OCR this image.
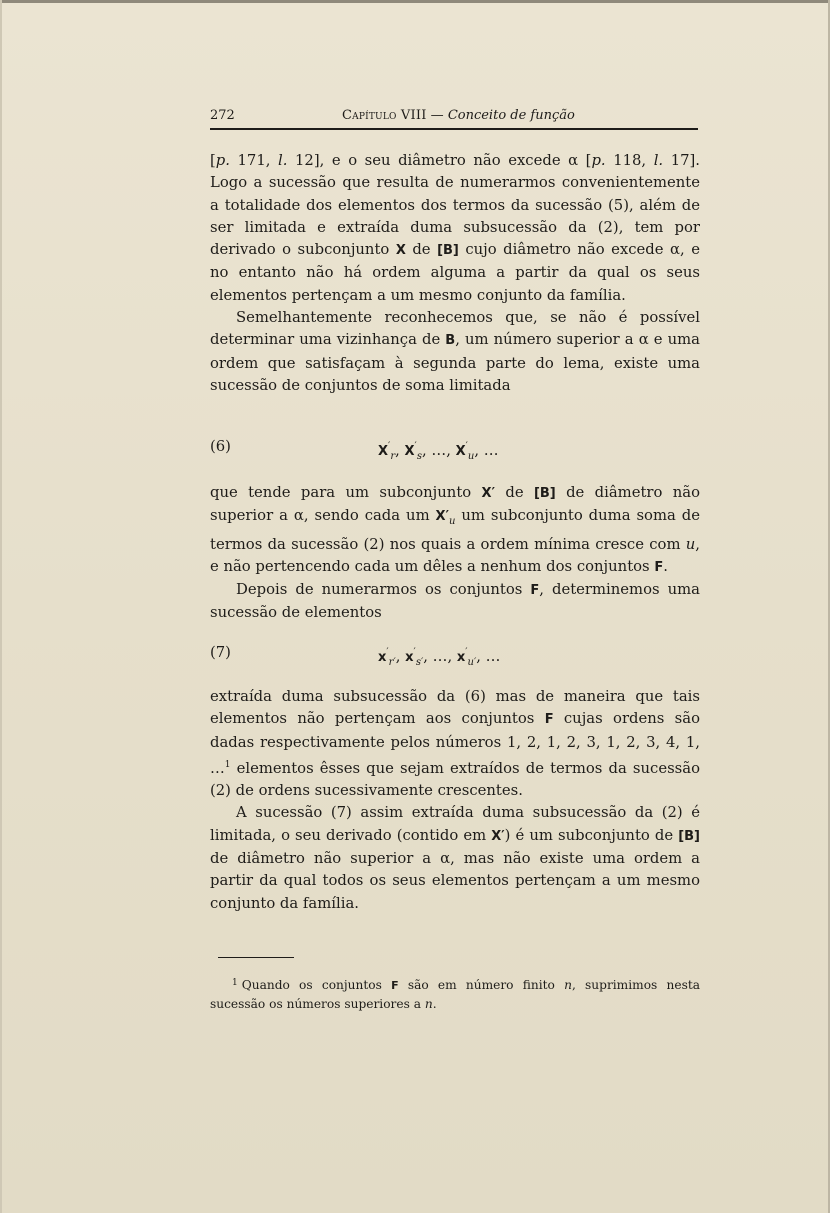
272	Capítulo VIII — Conceito de função

[p. 171, l. 12], e o seu diâmetro não excede α [p. 118, l. 17]. Logo a sucessão que resulta de numerarmos convenientemente a totalidade dos elementos dos termos da sucessão (5), além de ser limitada e extraída duma subsucessão da (2), tem por derivado o subconjunto X de [B] cujo diâmetro não excede α, e no entanto não há ordem alguma a partir da qual os seus elementos pertençam a um mesmo conjunto da família.

Semelhantemente reconhecemos que, se não é possível determinar uma vizinhança de B, um número superior a α e uma ordem que satisfaçam à segunda parte do lema, existe uma sucessão de conjuntos de soma limitada

(6)	$X'_r$, $X'_s$, …, $X'_u$, …

que tende para um subconjunto X′ de [B] de diâmetro não superior a α, sendo cada um $X'_u$ um subconjunto duma soma de termos da sucessão (2) nos quais a ordem mínima cresce com u, e não pertencendo cada um dêles a nenhum dos conjuntos F.

Depois de numerarmos os conjuntos F, determinemos uma sucessão de elementos

(7)	$x'_{r'}$, $x'_{s'}$, …, $x'_{u'}$, …

extraída duma subsucessão da (6) mas de maneira que tais elementos não pertençam aos conjuntos F cujas ordens são dadas respectivamente pelos números 1, 2, 1, 2, 3, 1, 2, 3, 4, 1, …$^1$ elementos êsses que sejam extraídos de termos da sucessão (2) de ordens sucessivamente crescentes.

A sucessão (7) assim extraída duma subsucessão da (2) é limitada, o seu derivado (contido em X′) é um subconjunto de [B] de diâmetro não superior a α, mas não existe uma ordem a partir da qual todos os seus elementos pertençam a um mesmo conjunto da família.

$^1$ Quando os conjuntos F são em número finito n, suprimimos nesta sucessão os números superiores a n.
